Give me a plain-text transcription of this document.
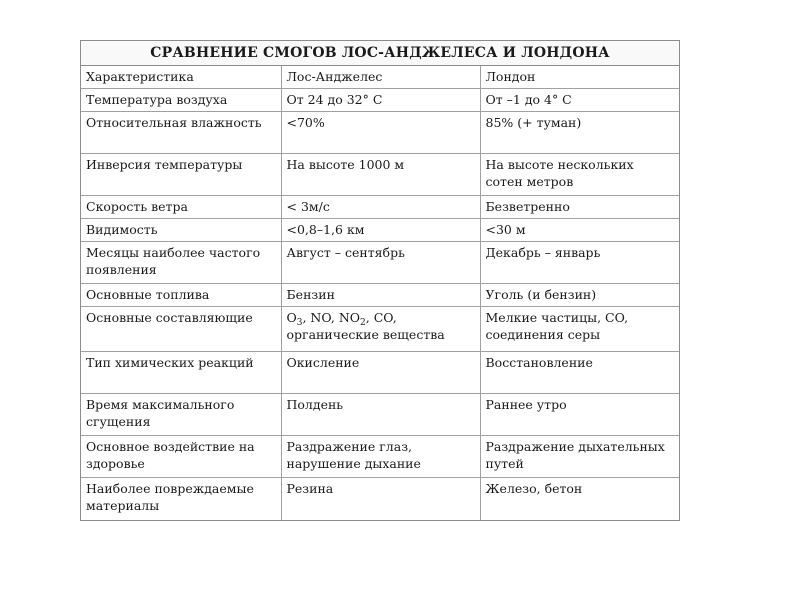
СРАВНЕНИЕ СМОГОВ ЛОС-АНДЖЕЛЕСА И ЛОНДОНА
Характеристика	Лос-Анджелес	Лондон
Температура воздуха	От 24 до 32° С	От –1 до 4° С
Относительная влажность	<70%	85% (+ туман)
Инверсия температуры	На высоте 1000 м	На высоте нескольких сотен метров
Скорость ветра	< 3м/с	Безветренно
Видимость	<0,8–1,6 км	<30 м
Месяцы наиболее частого появления	Август – сентябрь	Декабрь – январь
Основные топлива	Бензин	Уголь (и бензин)
Основные составляющие	$O_3$, NO, $NO_2$, CO, органические вещества	Мелкие частицы, CO, соединения серы
Тип химических реакций	Окисление	Восстановление
Время максимального сгущения	Полдень	Раннее утро
Основное воздействие на здоровье	Раздражение глаз, нарушение дыхание	Раздражение дыхательных путей
Наиболее повреждаемые материалы	Резина	Железо, бетон
